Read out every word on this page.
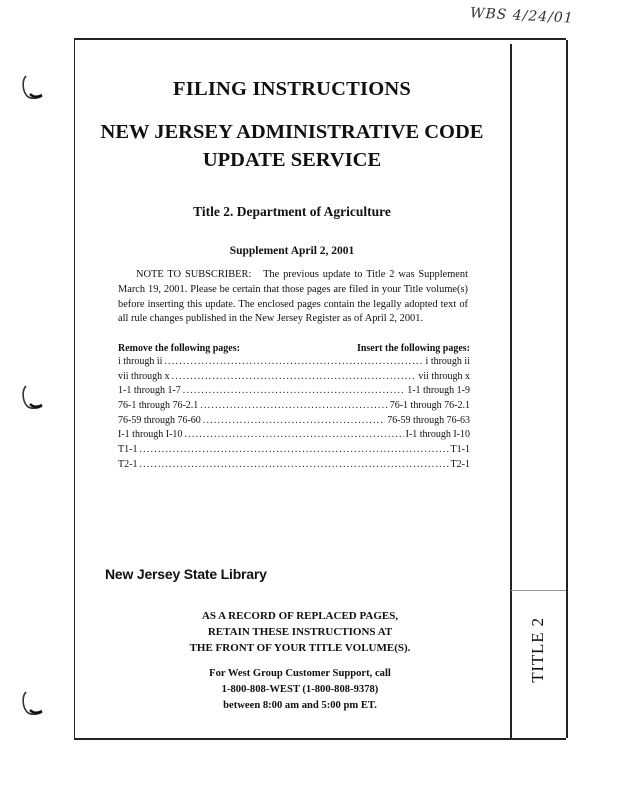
WBS 4/24/01
FILING INSTRUCTIONS
NEW JERSEY ADMINISTRATIVE CODE
UPDATE SERVICE
Title 2. Department of Agriculture
Supplement April 2, 2001
NOTE TO SUBSCRIBER: The previous update to Title 2 was Supplement March 19, 2001. Please be certain that those pages are filed in your Title volume(s) before inserting this update. The enclosed pages contain the legally adopted text of all rule changes published in the New Jersey Register as of April 2, 2001.
Remove the following pages:	Insert the following pages:
i through ii .....	i through ii
vii through x .....	vii through x
1-1 through 1-7 .....	1-1 through 1-9
76-1 through 76-2.1 .....	76-1 through 76-2.1
76-59 through 76-60 .....	76-59 through 76-63
I-1 through I-10 .....	I-1 through I-10
T1-1 .....	T1-1
T2-1 .....	T2-1
New Jersey State Library
AS A RECORD OF REPLACED PAGES,
RETAIN THESE INSTRUCTIONS AT
THE FRONT OF YOUR TITLE VOLUME(S).
For West Group Customer Support, call
1-800-808-WEST (1-800-808-9378)
between 8:00 am and 5:00 pm ET.
TITLE 2
